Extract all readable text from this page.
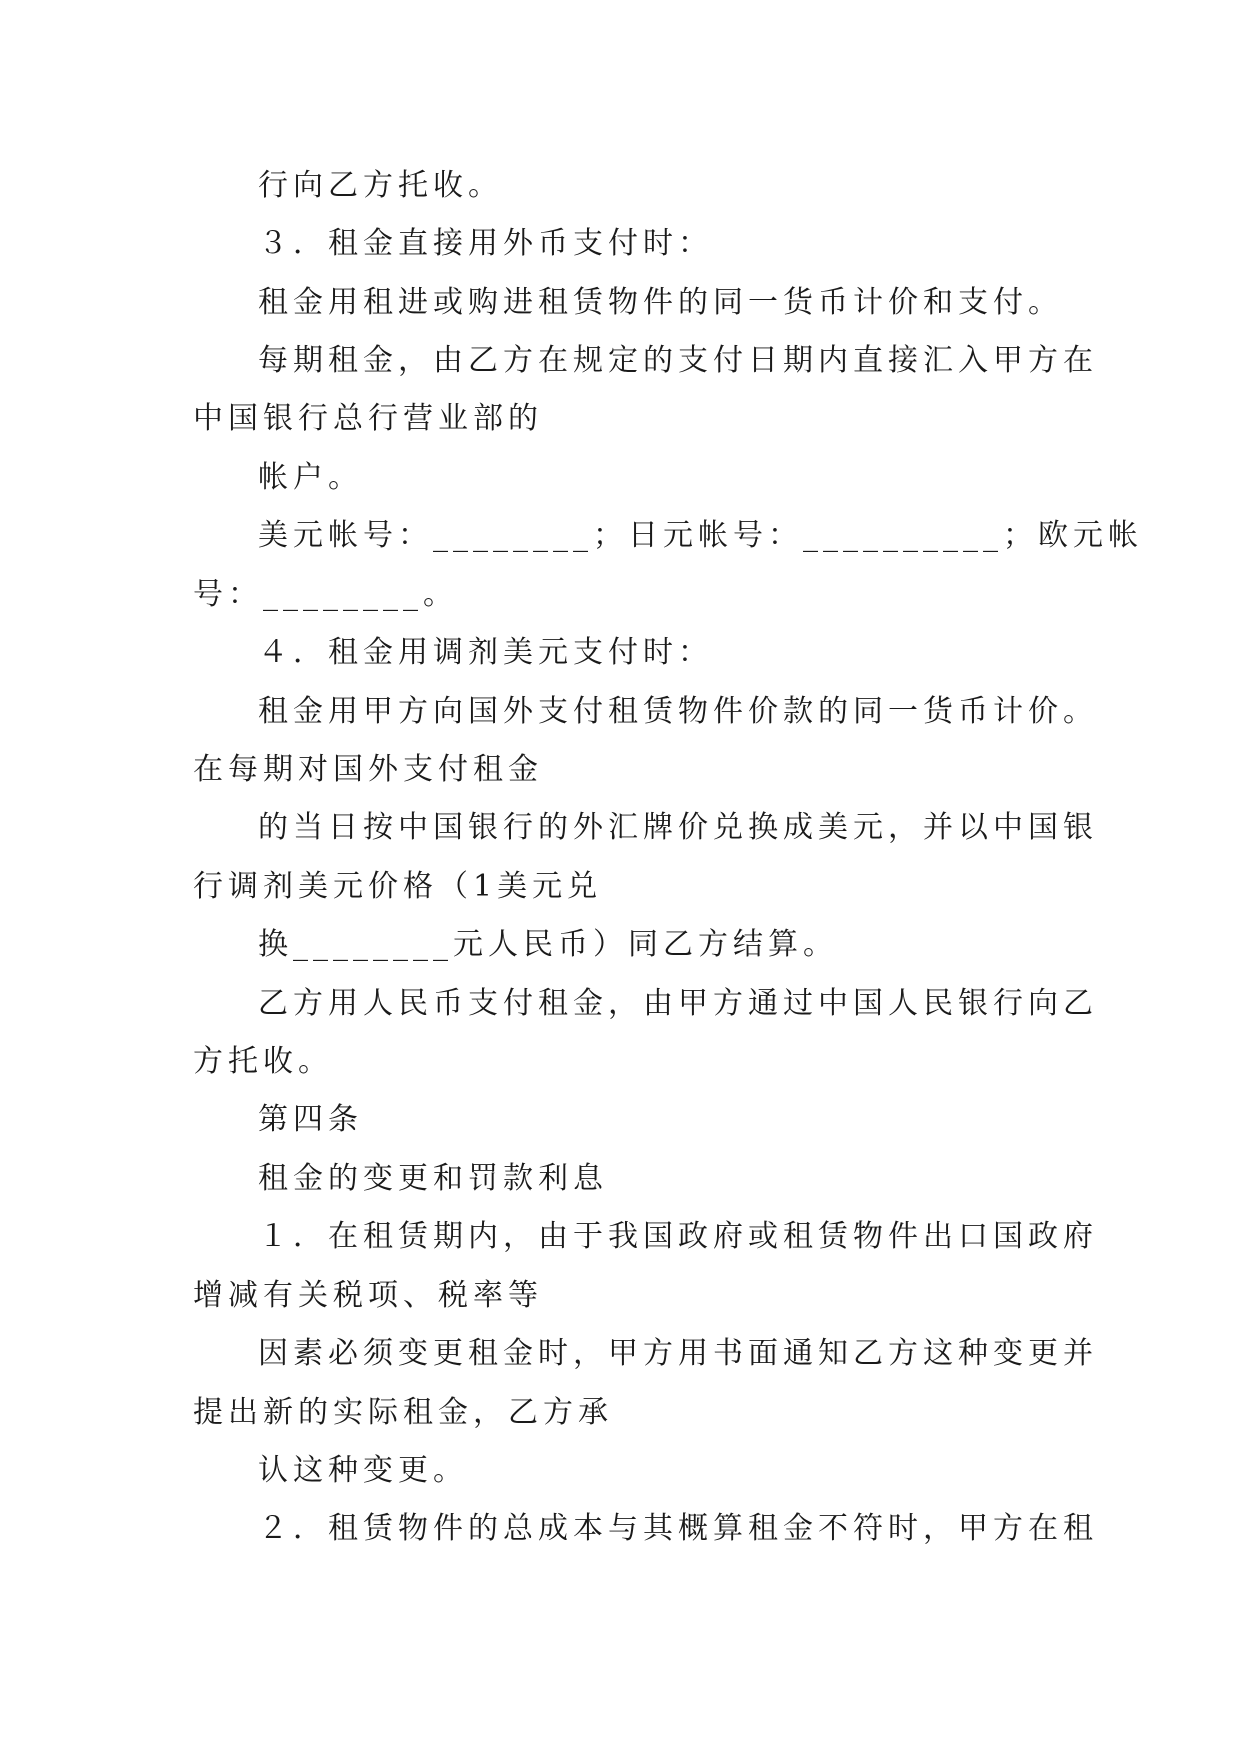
行向乙方托收。
３．租金直接用外币支付时：
租金用租进或购进租赁物件的同一货币计价和支付。
每期租金，由乙方在规定的支付日期内直接汇入甲方在
中国银行总行营业部的
帐户。
美元帐号：________；日元帐号：__________；欧元帐
号：________。
４．租金用调剂美元支付时：
租金用甲方向国外支付租赁物件价款的同一货币计价。
在每期对国外支付租金
的当日按中国银行的外汇牌价兑换成美元，并以中国银
行调剂美元价格（1美元兑
换________元人民币）同乙方结算。
乙方用人民币支付租金，由甲方通过中国人民银行向乙
方托收。
第四条
租金的变更和罚款利息
１．在租赁期内，由于我国政府或租赁物件出口国政府
增减有关税项、税率等
因素必须变更租金时，甲方用书面通知乙方这种变更并
提出新的实际租金，乙方承
认这种变更。
２．租赁物件的总成本与其概算租金不符时，甲方在租
